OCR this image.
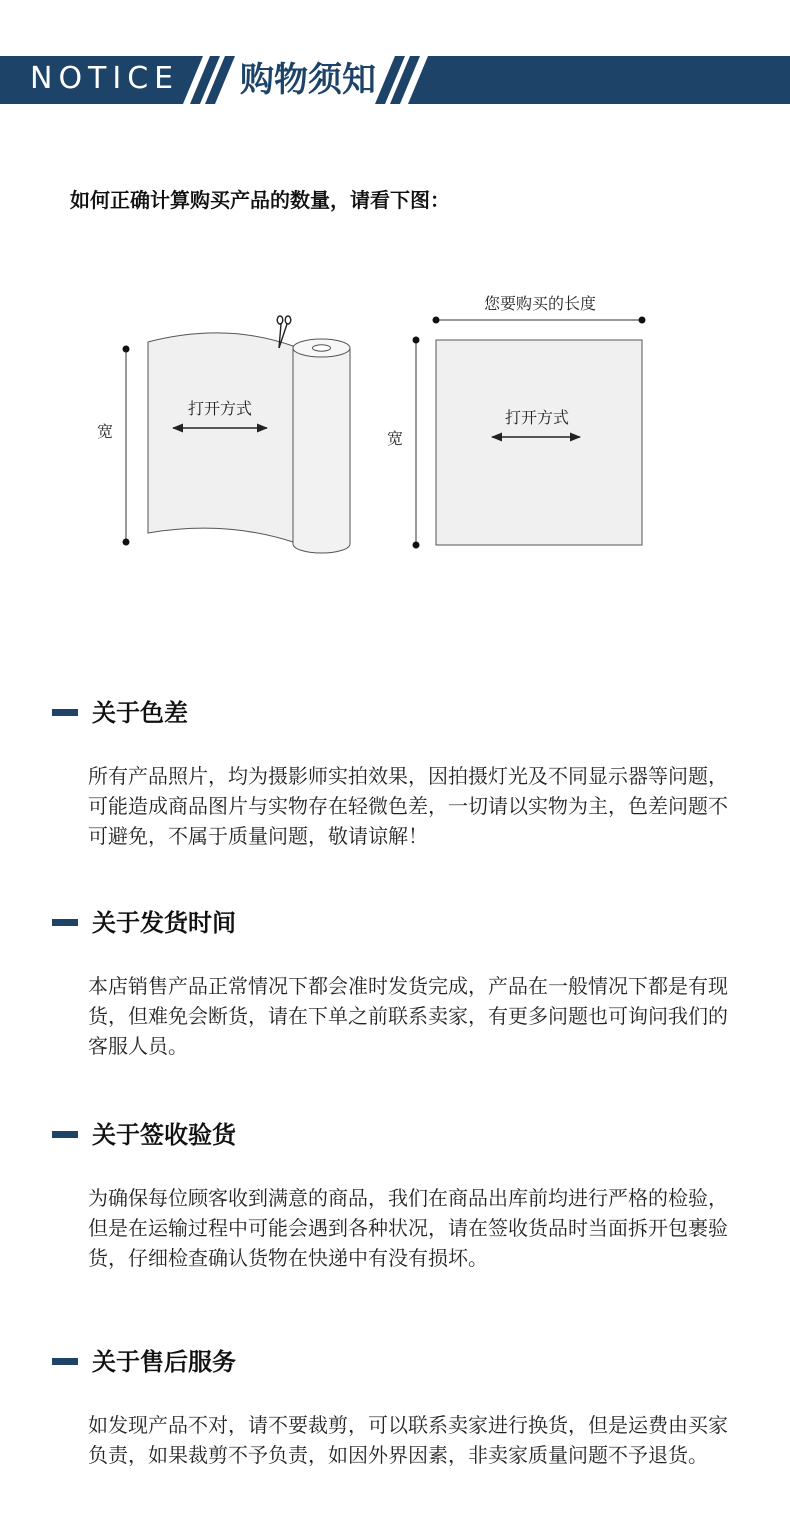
NOTICE 购物须知
如何正确计算购买产品的数量，请看下图：
打开方式
宽
您要购买的长度
打开方式
宽
关于色差
所有产品照片，均为摄影师实拍效果，因拍摄灯光及不同显示器等问题，可能造成商品图片与实物存在轻微色差，一切请以实物为主，色差问题不可避免，不属于质量问题，敬请谅解！
关于发货时间
本店销售产品正常情况下都会准时发货完成，产品在一般情况下都是有现货，但难免会断货，请在下单之前联系卖家，有更多问题也可询问我们的客服人员。
关于签收验货
为确保每位顾客收到满意的商品，我们在商品出库前均进行严格的检验，但是在运输过程中可能会遇到各种状况，请在签收货品时当面拆开包裹验货，仔细检查确认货物在快递中有没有损坏。
关于售后服务
如发现产品不对，请不要裁剪，可以联系卖家进行换货，但是运费由买家负责，如果裁剪不予负责，如因外界因素，非卖家质量问题不予退货。
